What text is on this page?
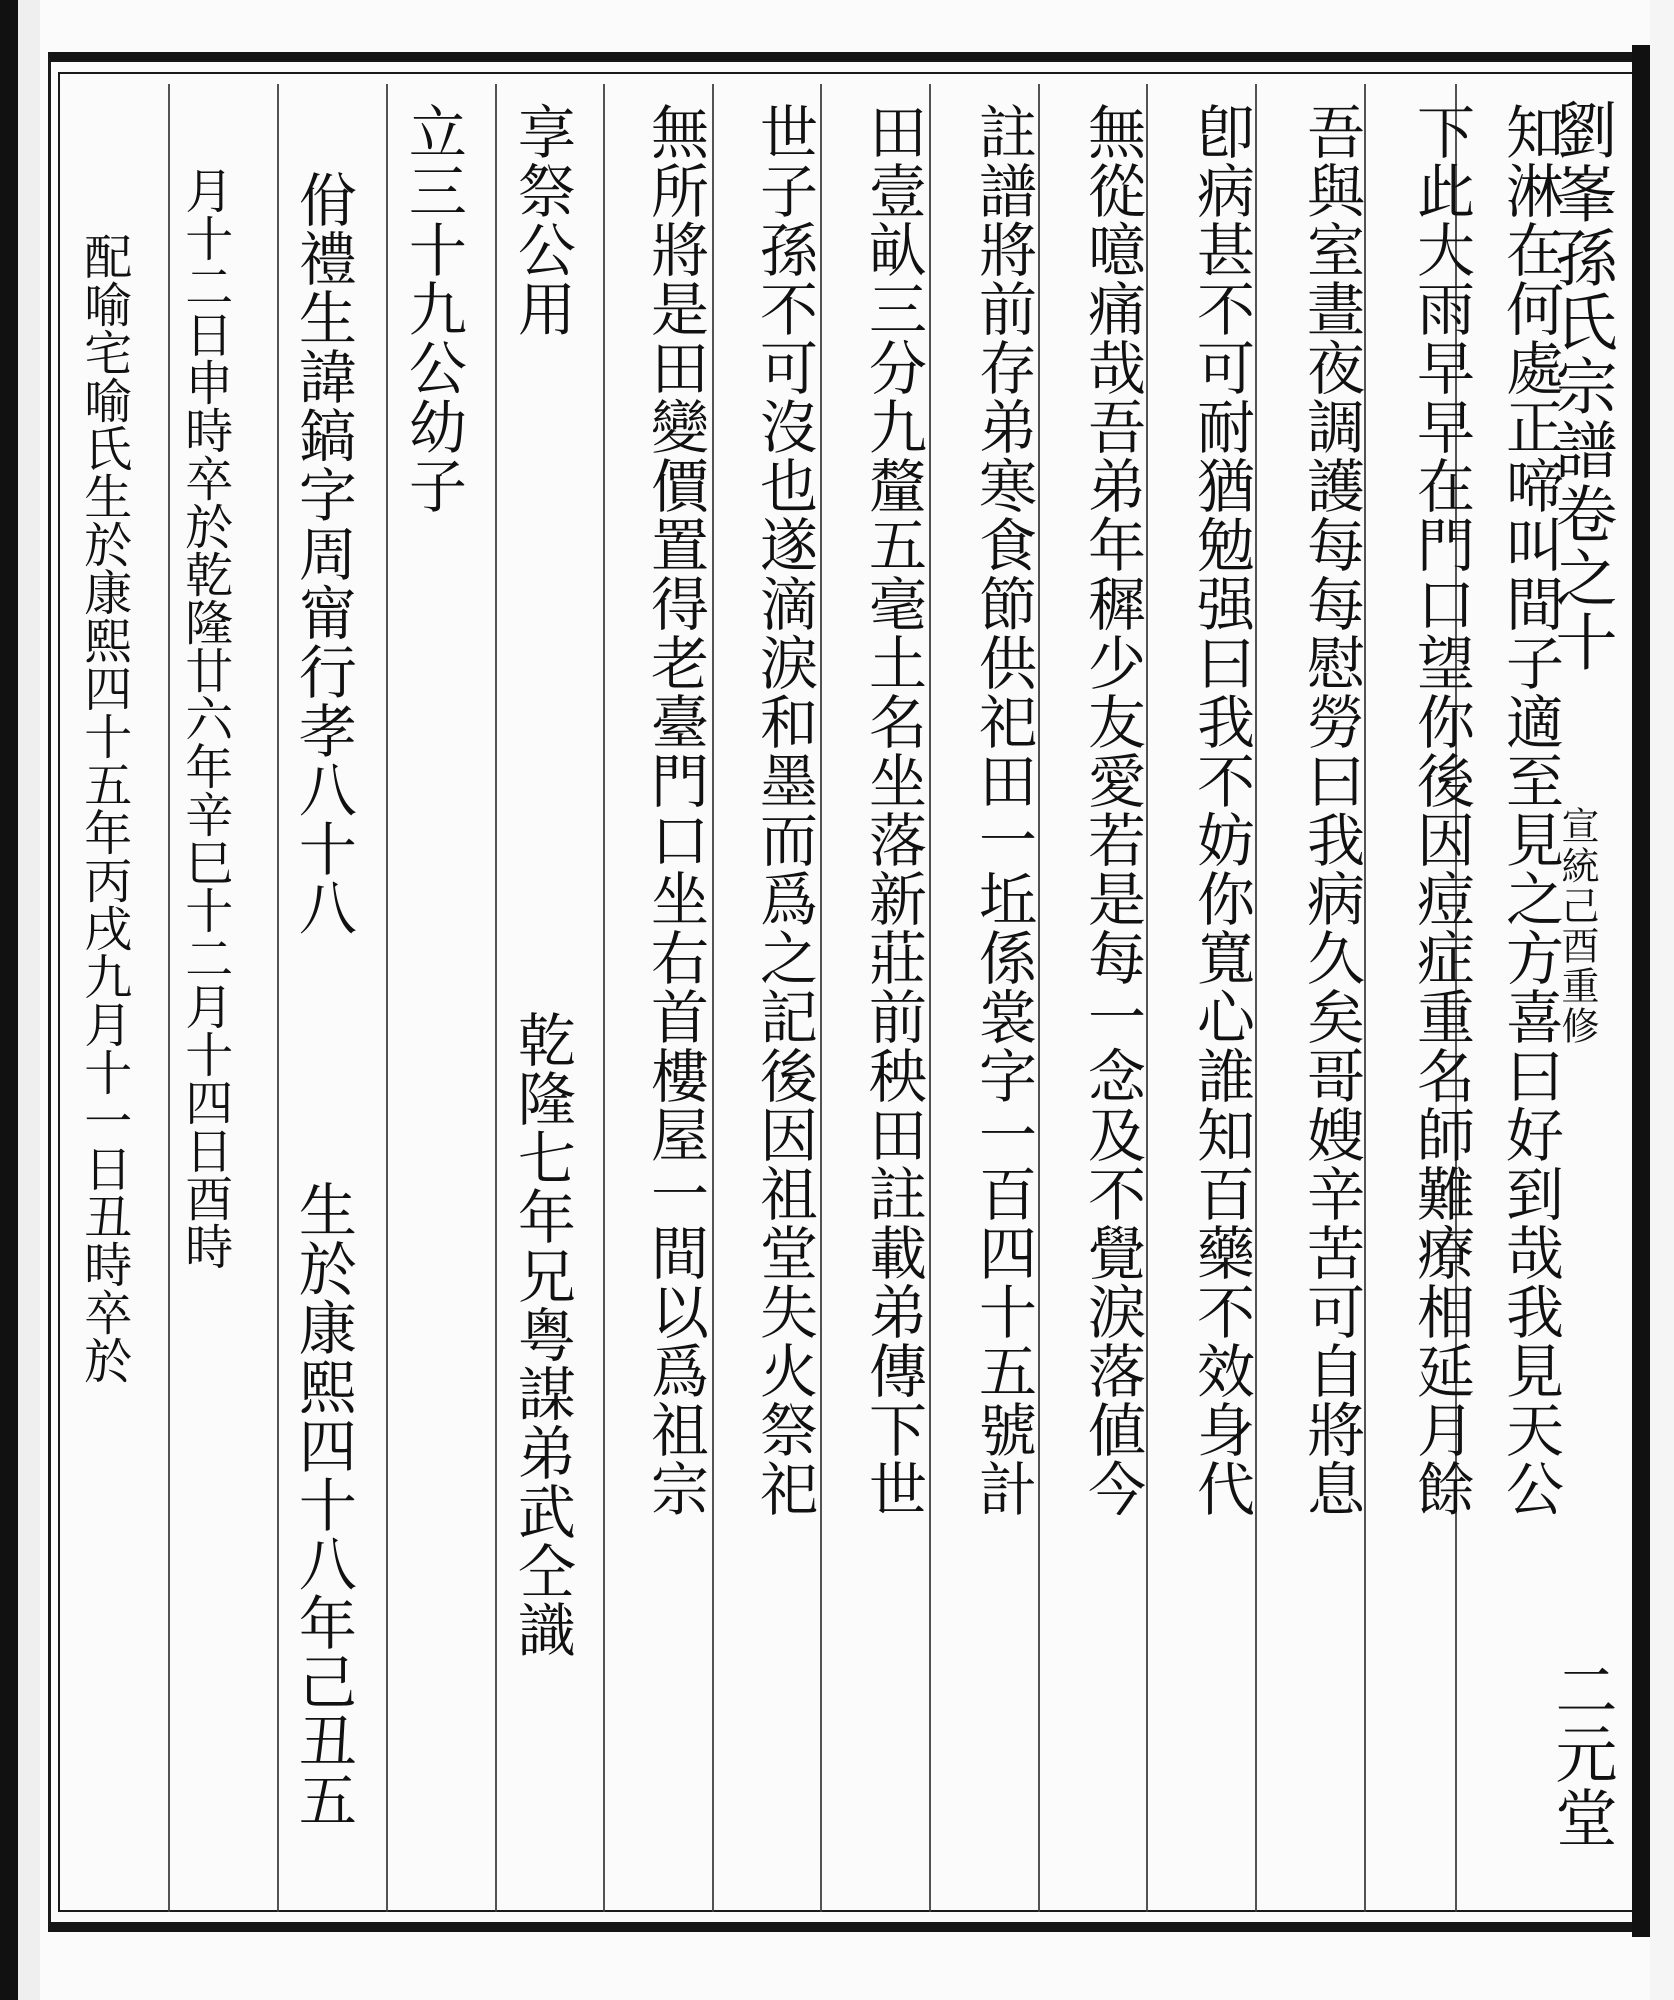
劉峯孫氏宗譜卷之十
宣統己酉重修
二元堂
知淋在何處正啼叫間子適至見之方喜曰好到哉我見天公
下此大雨早早在門口望你後因痘症重名師難療相延月餘
吾與室晝夜調護每每慰勞曰我病久矣哥嫂辛苦可自將息
卽病甚不可耐猶勉强曰我不妨你寬心誰知百藥不效身代
無從噫痛哉吾弟年穉少友愛若是每一念及不覺淚落値今
註譜將前存弟寒食節供祀田一坵係裳字一百四十五號計
田壹畒三分九釐五毫土名坐落新莊前秧田註載弟傳下世
世子孫不可沒也遂滴淚和墨而爲之記後因祖堂失火祭祀
無所將是田變價置得老臺門口坐右首樓屋一間以爲祖宗
享祭公用
乾隆七年兄粤謀弟武仝識
立三十九公幼子
佾禮生諱鎬字周甯行孝八十八
生於康熙四十八年己丑五
月十二日申時卒於乾隆廿六年辛巳十二月十四日酉時
配喻宅喻氏生於康熙四十五年丙戌九月十一日丑時卒於
